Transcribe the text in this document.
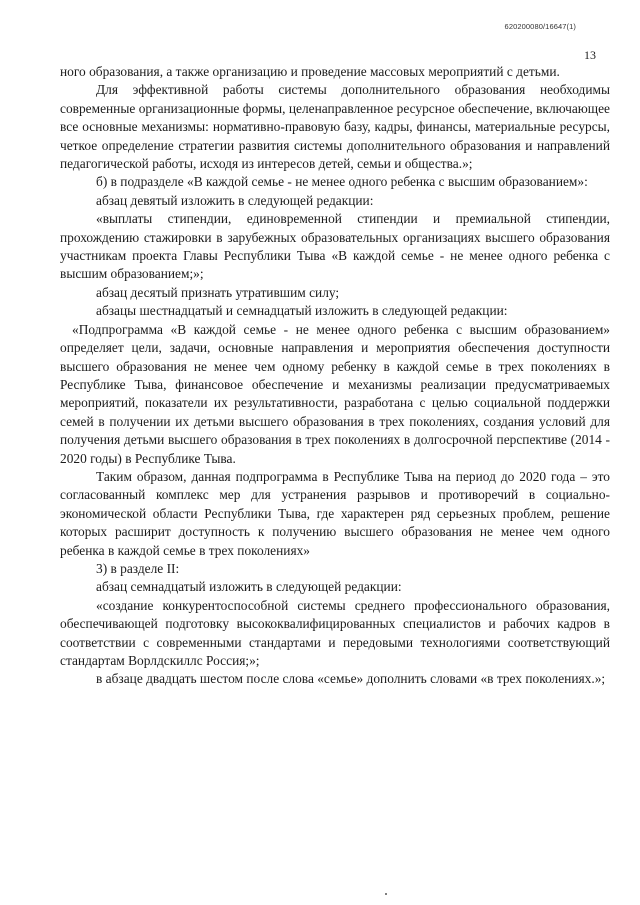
620200080/16647(1)
13

ного образования, а также организацию и проведение массовых мероприятий с детьми.

Для эффективной работы системы дополнительного образования необходимы современные организационные формы, целенаправленное ресурсное обеспечение, включающее все основные механизмы: нормативно-правовую базу, кадры, финансы, материальные ресурсы, четкое определение стратегии развития системы дополнительного образования и направлений педагогической работы, исходя из интересов детей, семьи и общества.»;

б) в подразделе «В каждой семье - не менее одного ребенка с высшим образованием»:

абзац девятый изложить в следующей редакции:

«выплаты стипендии, единовременной стипендии и премиальной стипендии, прохождению стажировки в зарубежных образовательных организациях высшего образования участникам проекта Главы Республики Тыва «В каждой семье - не менее одного ребенка с высшим образованием;»;

абзац десятый признать утратившим силу;

абзацы шестнадцатый и семнадцатый изложить в следующей редакции:

«Подпрограмма «В каждой семье - не менее одного ребенка с высшим образованием» определяет цели, задачи, основные направления и мероприятия обеспечения доступности высшего образования не менее чем одному ребенку в каждой семье в трех поколениях в Республике Тыва, финансовое обеспечение и механизмы реализации предусматриваемых мероприятий, показатели их результативности, разработана с целью социальной поддержки семей в получении их детьми высшего образования в трех поколениях, создания условий для получения детьми высшего образования в трех поколениях в долгосрочной перспективе (2014 - 2020 годы) в Республике Тыва.

Таким образом, данная подпрограмма в Республике Тыва на период до 2020 года – это согласованный комплекс мер для устранения разрывов и противоречий в социально-экономической области Республики Тыва, где характерен ряд серьезных проблем, решение которых расширит доступность к получению высшего образования не менее чем одного ребенка в каждой семье в трех поколениях»

3) в разделе II:

абзац семнадцатый изложить в следующей редакции:

«создание конкурентоспособной системы среднего профессионального образования, обеспечивающей подготовку высококвалифицированных специалистов и рабочих кадров в соответствии с современными стандартами и передовыми технологиями соответствующий стандартам Ворлдскиллс Россия;»;

в абзаце двадцать шестом после слова «семье» дополнить словами «в трех поколениях.»;
